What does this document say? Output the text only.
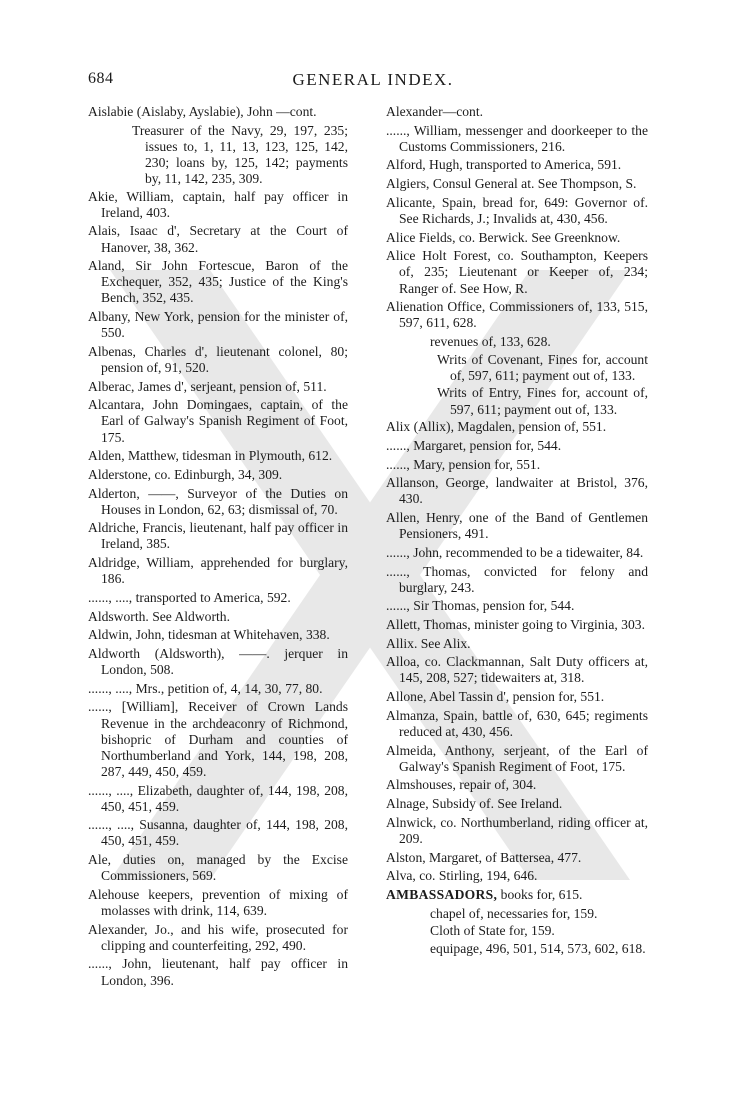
684	GENERAL INDEX.
Aislabie (Aislaby, Ayslabie), John —cont.
Treasurer of the Navy, 29, 197, 235; issues to, 1, 11, 13, 123, 125, 142, 230; loans by, 125, 142; payments by, 11, 142, 235, 309.
Akie, William, captain, half pay officer in Ireland, 403.
Alais, Isaac d', Secretary at the Court of Hanover, 38, 362.
Aland, Sir John Fortescue, Baron of the Exchequer, 352, 435; Justice of the King's Bench, 352, 435.
Albany, New York, pension for the minister of, 550.
Albenas, Charles d', lieutenant colonel, 80; pension of, 91, 520.
Alberac, James d', serjeant, pension of, 511.
Alcantara, John Domingaes, captain, of the Earl of Galway's Spanish Regiment of Foot, 175.
Alden, Matthew, tidesman in Plymouth, 612.
Alderstone, co. Edinburgh, 34, 309.
Alderton, ——, Surveyor of the Duties on Houses in London, 62, 63; dismissal of, 70.
Aldriche, Francis, lieutenant, half pay officer in Ireland, 385.
Aldridge, William, apprehended for burglary, 186.
......, ...., transported to America, 592.
Aldsworth. See Aldworth.
Aldwin, John, tidesman at Whitehaven, 338.
Aldworth (Aldsworth), ——. jerquer in London, 508.
......, ...., Mrs., petition of, 4, 14, 30, 77, 80.
......, [William], Receiver of Crown Lands Revenue in the archdeaconry of Richmond, bishopric of Durham and counties of Northumberland and York, 144, 198, 208, 287, 449, 450, 459.
......, ...., Elizabeth, daughter of, 144, 198, 208, 450, 451, 459.
......, ...., Susanna, daughter of, 144, 198, 208, 450, 451, 459.
Ale, duties on, managed by the Excise Commissioners, 569.
Alehouse keepers, prevention of mixing of molasses with drink, 114, 639.
Alexander, Jo., and his wife, prosecuted for clipping and counterfeiting, 292, 490.
......, John, lieutenant, half pay officer in London, 396.
Alexander—cont.
......, William, messenger and doorkeeper to the Customs Commissioners, 216.
Alford, Hugh, transported to America, 591.
Algiers, Consul General at. See Thompson, S.
Alicante, Spain, bread for, 649: Governor of. See Richards, J.; Invalids at, 430, 456.
Alice Fields, co. Berwick. See Greenknow.
Alice Holt Forest, co. Southampton, Keepers of, 235; Lieutenant or Keeper of, 234; Ranger of. See How, R.
Alienation Office, Commissioners of, 133, 515, 597, 611, 628.
revenues of, 133, 628.
Writs of Covenant, Fines for, account of, 597, 611; payment out of, 133.
Writs of Entry, Fines for, account of, 597, 611; payment out of, 133.
Alix (Allix), Magdalen, pension of, 551.
......, Margaret, pension for, 544.
......, Mary, pension for, 551.
Allanson, George, landwaiter at Bristol, 376, 430.
Allen, Henry, one of the Band of Gentlemen Pensioners, 491.
......, John, recommended to be a tidewaiter, 84.
......, Thomas, convicted for felony and burglary, 243.
......, Sir Thomas, pension for, 544.
Allett, Thomas, minister going to Virginia, 303.
Allix. See Alix.
Alloa, co. Clackmannan, Salt Duty officers at, 145, 208, 527; tidewaiters at, 318.
Allone, Abel Tassin d', pension for, 551.
Almanza, Spain, battle of, 630, 645; regiments reduced at, 430, 456.
Almeida, Anthony, serjeant, of the Earl of Galway's Spanish Regiment of Foot, 175.
Almshouses, repair of, 304.
Alnage, Subsidy of. See Ireland.
Alnwick, co. Northumberland, riding officer at, 209.
Alston, Margaret, of Battersea, 477.
Alva, co. Stirling, 194, 646.
AMBASSADORS, books for, 615.
chapel of, necessaries for, 159.
Cloth of State for, 159.
equipage, 496, 501, 514, 573, 602, 618.
